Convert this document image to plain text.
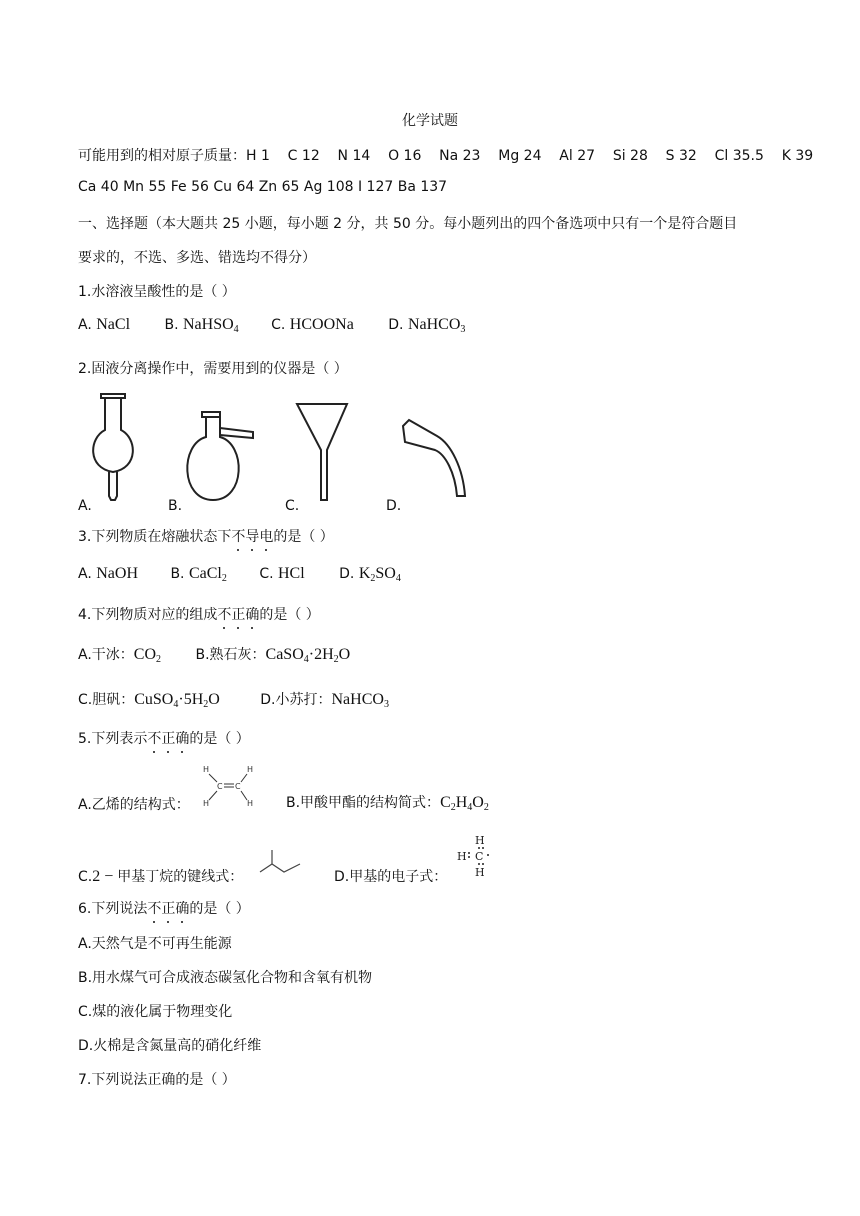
化学试题
可能用到的相对原子质量：H 1    C 12    N 14    O 16    Na 23    Mg 24    Al 27    Si 28    S 32    Cl 35.5    K 39
Ca 40 Mn 55 Fe 56 Cu 64 Zn 65 Ag 108 I 127 Ba 137
一、选择题（本大题共 25 小题，每小题 2 分，共 50 分。每小题列出的四个备选项中只有一个是符合题目
要求的，不选、多选、错选均不得分）
1.水溶液呈酸性的是（ ）
A. NaCl B. NaHSO$_4$ C. HCOONa D. NaHCO$_3$
2.固液分离操作中，需要用到的仪器是（ ）
A.	B.	C.	D.
3.下列物质在熔融状态下不导电的是（ ）
A. NaOH B. CaCl$_2$ C. HCl D. $K_2SO_4$
4.下列物质对应的组成不正确的是（ ）
A.干冰：$CO_2$ B.熟石灰：$CaSO_4\cdot 2H_2O$
C.胆矾：$CuSO_4\cdot 5H_2O$	D.小苏打：NaHCO$_3$
5.下列表示不正确的是（ ）
A.乙烯的结构式：
H	H
H	H
C C
B.甲酸甲酯的结构简式：$C_2H_4O_2$
C.2 − 甲基丁烷的键线式：	D.甲基的电子式：
H
H C
H
6.下列说法不正确的是（ ）
A.天然气是不可再生能源
B.用水煤气可合成液态碳氢化合物和含氧有机物
C.煤的液化属于物理变化
D.火棉是含氮量高的硝化纤维
7.下列说法正确的是（ ）
